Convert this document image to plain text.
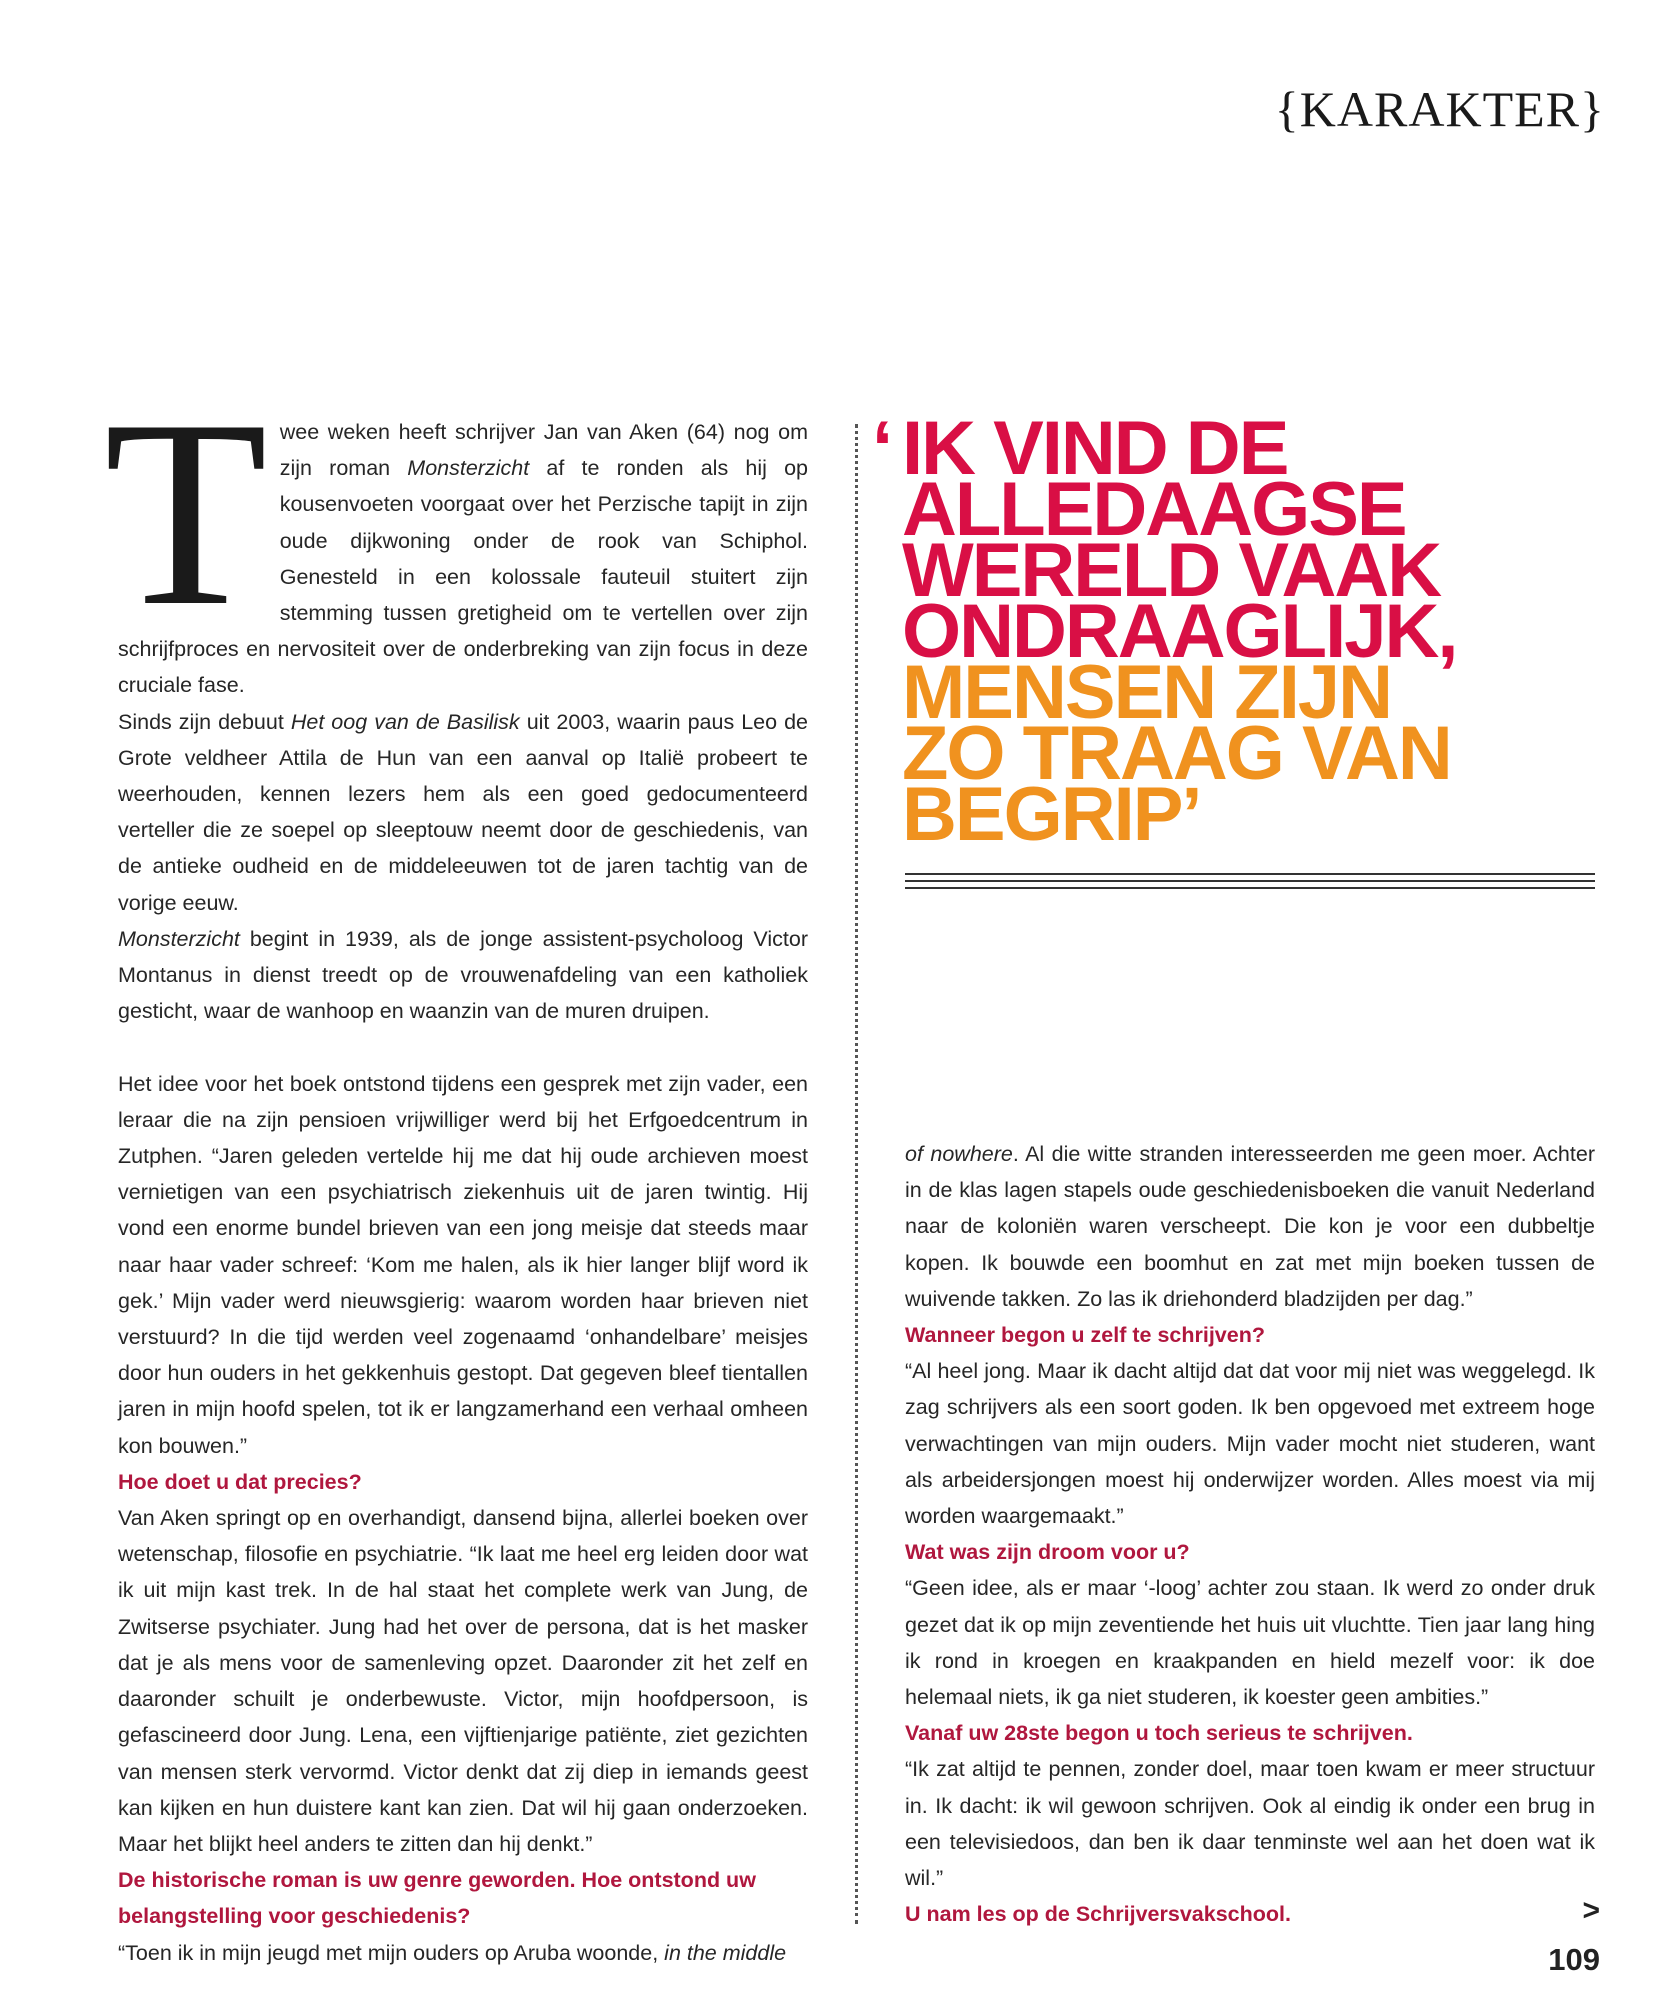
{KARAKTER}
T wee weken heeft schrijver Jan van Aken (64) nog om zijn roman Monsterzicht af te ronden als hij op kousenvoeten voorgaat over het Perzische tapijt in zijn oude dijkwoning onder de rook van Schiphol. Genesteld in een kolossale fauteuil stuitert zijn stemming tussen gretigheid om te vertellen over zijn schrijfproces en nervositeit over de onderbreking van zijn focus in deze cruciale fase.

Sinds zijn debuut Het oog van de Basilisk uit 2003, waarin paus Leo de Grote veldheer Attila de Hun van een aanval op Italië probeert te weerhouden, kennen lezers hem als een goed gedocumenteerd verteller die ze soepel op sleeptouw neemt door de geschiedenis, van de antieke oudheid en de middeleeuwen tot de jaren tachtig van de vorige eeuw.

Monsterzicht begint in 1939, als de jonge assistent-psycholoog Victor Montanus in dienst treedt op de vrouwenafdeling van een katholiek gesticht, waar de wanhoop en waanzin van de muren druipen.

Het idee voor het boek ontstond tijdens een gesprek met zijn vader, een leraar die na zijn pensioen vrijwilliger werd bij het Erfgoedcentrum in Zutphen. “Jaren geleden vertelde hij me dat hij oude archieven moest vernietigen van een psychiatrisch ziekenhuis uit de jaren twintig. Hij vond een enorme bundel brieven van een jong meisje dat steeds maar naar haar vader schreef: ‘Kom me halen, als ik hier langer blijf word ik gek.’ Mijn vader werd nieuwsgierig: waarom worden haar brieven niet verstuurd? In die tijd werden veel zogenaamd ‘onhandelbare’ meisjes door hun ouders in het gekkenhuis gestopt. Dat gegeven bleef tientallen jaren in mijn hoofd spelen, tot ik er langzamerhand een verhaal omheen kon bouwen.”

Hoe doet u dat precies?

Van Aken springt op en overhandigt, dansend bijna, allerlei boeken over wetenschap, filosofie en psychiatrie. “Ik laat me heel erg leiden door wat ik uit mijn kast trek. In de hal staat het complete werk van Jung, de Zwitserse psychiater. Jung had het over de persona, dat is het masker dat je als mens voor de samenleving opzet. Daaronder zit het zelf en daaronder schuilt je onderbewuste. Victor, mijn hoofdpersoon, is gefascineerd door Jung. Lena, een vijftienjarige patiënte, ziet gezichten van mensen sterk vervormd. Victor denkt dat zij diep in iemands geest kan kijken en hun duistere kant kan zien. Dat wil hij gaan onderzoeken. Maar het blijkt heel anders te zitten dan hij denkt.”

De historische roman is uw genre geworden. Hoe ontstond uw belangstelling voor geschiedenis?

“Toen ik in mijn jeugd met mijn ouders op Aruba woonde, in the middle

‘ IK VIND DE
ALLEDAAGSE
WERELD VAAK
ONDRAAGLIJK,
MENSEN ZIJN
ZO TRAAG VAN
BEGRIP’

of nowhere. Al die witte stranden interesseerden me geen moer. Achter in de klas lagen stapels oude geschiedenisboeken die vanuit Nederland naar de koloniën waren verscheept. Die kon je voor een dubbeltje kopen. Ik bouwde een boomhut en zat met mijn boeken tussen de wuivende takken. Zo las ik driehonderd bladzijden per dag.”

Wanneer begon u zelf te schrijven?

“Al heel jong. Maar ik dacht altijd dat dat voor mij niet was weggelegd. Ik zag schrijvers als een soort goden. Ik ben opgevoed met extreem hoge verwachtingen van mijn ouders. Mijn vader mocht niet studeren, want als arbeidersjongen moest hij onderwijzer worden. Alles moest via mij worden waargemaakt.”

Wat was zijn droom voor u?

“Geen idee, als er maar ‘-loog’ achter zou staan. Ik werd zo onder druk gezet dat ik op mijn zeventiende het huis uit vluchtte. Tien jaar lang hing ik rond in kroegen en kraakpanden en hield mezelf voor: ik doe helemaal niets, ik ga niet studeren, ik koester geen ambities.”

Vanaf uw 28ste begon u toch serieus te schrijven.

“Ik zat altijd te pennen, zonder doel, maar toen kwam er meer structuur in. Ik dacht: ik wil gewoon schrijven. Ook al eindig ik onder een brug in een televisiedoos, dan ben ik daar tenminste wel aan het doen wat ik wil.”

U nam les op de Schrijversvakschool.	>
109
